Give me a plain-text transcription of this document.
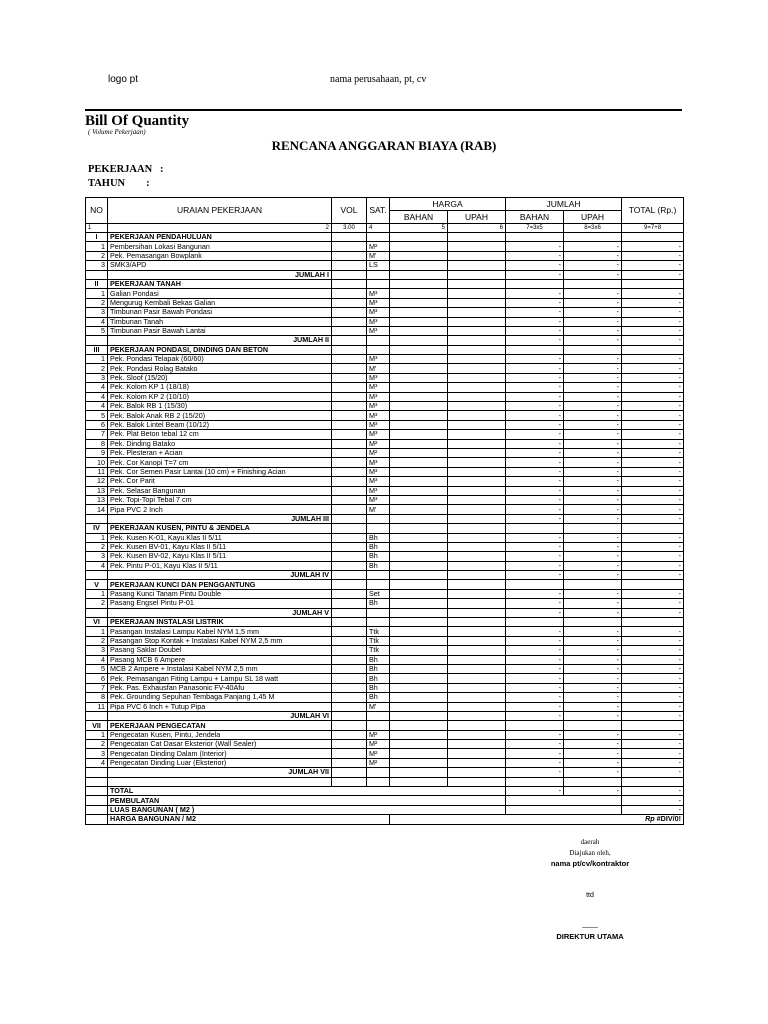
logo pt	nama perusahaan, pt, cv
Bill Of Quantity
( Volume Pekerjaan)
RENCANA ANGGARAN BIAYA (RAB)
PEKERJAAN   :
TAHUN        :
NO	URAIAN PEKERJAAN	VOL	SAT.	HARGA		JUMLAH		TOTAL (Rp.)
				BAHAN	UPAH	BAHAN	UPAH	
1	2	3.00	4	5	6	7=3x5	8=3x6	9=7+8
I	PEKERJAAN PENDAHULUAN							
1	Pembersihan Lokasi Bangunan		M²			-	-	-
2	Pek. Pemasangan Bowplank		M'			-	-	-
3	SMK3/APD		LS			-	-	-
	JUMLAH I					-	-	-
II	PEKERJAAN TANAH							
1	Galian Pondasi		M³			-	-	-
2	Mengurug Kembali Bekas Galian		M³			-	-	-
3	Timbunan Pasir Bawah Pondasi		M³			-	-	-
4	Timbunan Tanah		M³			-	-	-
5	Timbunan Pasir Bawah Lantai		M³			-	-	-
	JUMLAH II					-	-	-
III	PEKERJAAN PONDASI, DINDING DAN BETON							
1	Pek. Pondasi Telapak (60/60)		M³			-	-	-
2	Pek. Pondasi Rolag Batako		M'			-	-	-
3	Pek. Sloof (15/20)		M³			-	-	-
4	Pek. Kolom KP 1 (18/18)		M³			-	-	-
4	Pek. Kolom KP 2 (10/10)		M³			-	-	-
4	Pek. Balok RB 1 (15/30)		M³			-	-	-
5	Pek. Balok Anak RB 2 (15/20)		M³			-	-	-
6	Pek. Balok Lintel Beam (10/12)		M³			-	-	-
7	Pek. Plat Beton tebal 12 cm		M³			-	-	-
8	Pek. Dinding Batako		M²			-	-	-
9	Pek. Plesteran + Acian		M²			-	-	-
10	Pek. Cor Kanopi T=7 cm		M³			-	-	-
11	Pek. Cor Semen Pasir Lantai (10 cm) + Finishing Acian		M³			-	-	-
12	Pek. Cor Parit		M³			-	-	-
13	Pek. Selasar Bangunan		M³			-	-	-
13	Pek. Topi-Topi Tebal 7 cm		M³			-	-	-
14	Pipa PVC 2 Inch		M'			-	-	-
	JUMLAH III					-	-	-
IV	PEKERJAAN KUSEN, PINTU & JENDELA							
1	Pek. Kusen K-01, Kayu Klas II 5/11		Bh			-	-	-
2	Pek. Kusen BV-01, Kayu Klas II 5/11		Bh			-	-	-
3	Pek. Kusen BV-02, Kayu Klas II 5/11		Bh			-	-	-
4	Pek. Pintu P-01, Kayu Klas II 5/11		Bh			-	-	-
	JUMLAH IV					-	-	-
V	PEKERJAAN KUNCI DAN PENGGANTUNG							
1	Pasang Kunci Tanam Pintu Double		Set			-	-	-
2	Pasang Engsel Pintu P-01		Bh			-	-	-
	JUMLAH V					-	-	-
VI	PEKERJAAN INSTALASI LISTRIK							
1	Pasangan Instalasi Lampu Kabel NYM 1,5 mm		Ttk			-	-	-
2	Pasangan Stop Kontak + Instalasi Kabel NYM 2,5 mm		Ttk			-	-	-
3	Pasang Saklar Doubel		Ttk			-	-	-
4	Pasang MCB 6 Ampere		Bh			-	-	-
5	MCB 2 Ampere + Instalasi Kabel NYM 2,5 mm		Bh			-	-	-
6	Pek. Pemasangan Fiting Lampu + Lampu SL 18 watt		Bh			-	-	-
7	Pek. Pas. Exhausfan Panasonic FV-40Afu		Bh			-	-	-
8	Pek. Grounding Sepuhan Tembaga Panjang 1,45 M		Bh			-	-	-
11	Pipa PVC 6 Inch + Tutup Pipa		M'			-	-	-
	JUMLAH VI					-	-	-
VII	PEKERJAAN PENGECATAN							
1	Pengecatan Kusen, Pintu, Jendela		M²			-	-	-
2	Pengecatan Cat Dasar Eksterior (Wall Sealer)		M²			-	-	-
3	Pengecatan Dinding Dalam (Interior)		M²			-	-	-
4	Pengecatan Dinding Luar (Eksterior)		M²			-	-	-
	JUMLAH VII					-	-	-

	TOTAL					-	-	-
	PEMBULATAN							-
	LUAS BANGUNAN ( M2 )							-
	HARGA BANGUNAN / M2			Rp #DIV/0!				
daerah
Diajukan oleh,
nama pt/cv/kontraktor
ttd
____
DIREKTUR UTAMA
